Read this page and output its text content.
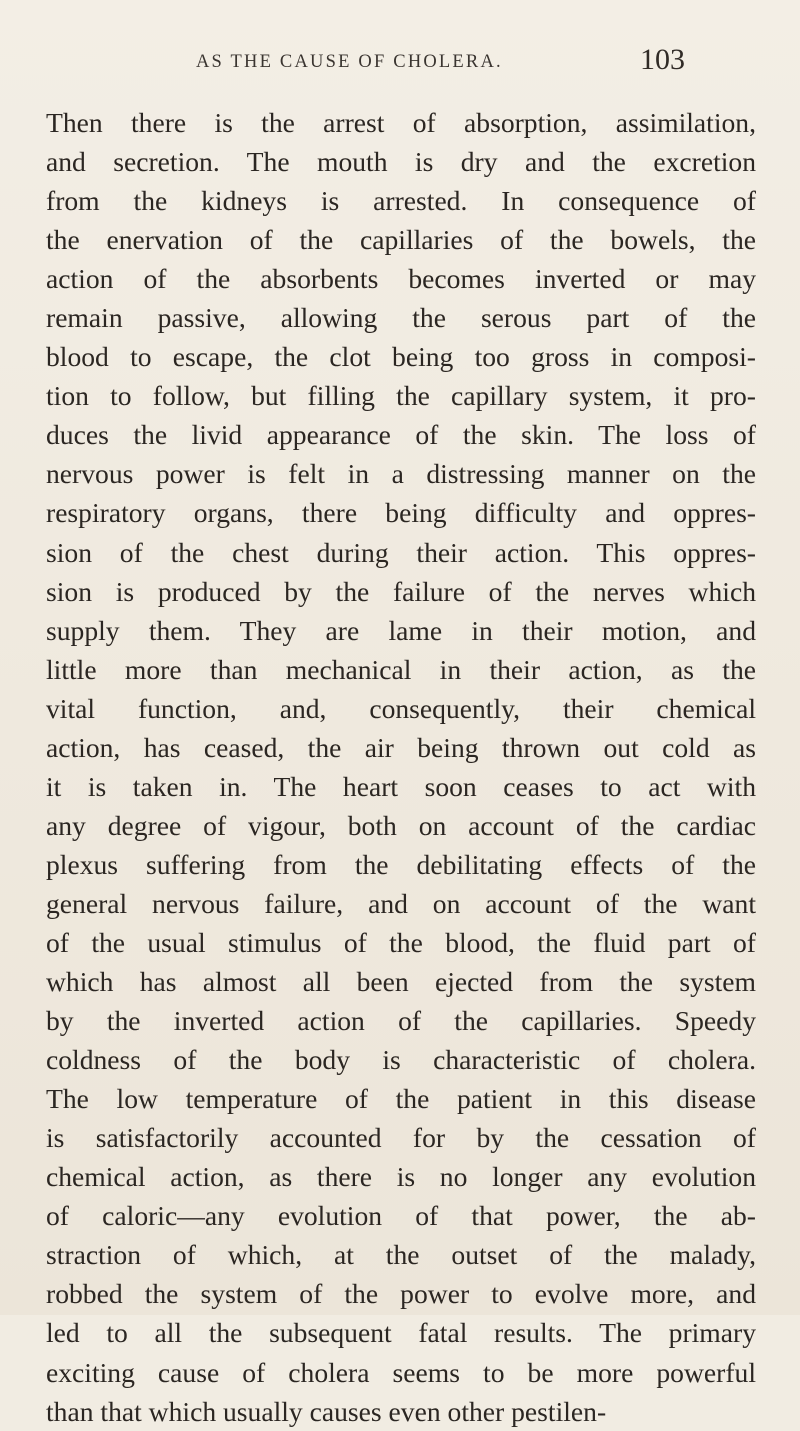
AS THE CAUSE OF CHOLERA.	103
Then there is the arrest of absorption, assimilation,
and secretion. The mouth is dry and the excretion
from the kidneys is arrested. In consequence of
the enervation of the capillaries of the bowels, the
action of the absorbents becomes inverted or may
remain passive, allowing the serous part of the
blood to escape, the clot being too gross in composi-
tion to follow, but filling the capillary system, it pro-
duces the livid appearance of the skin. The loss of
nervous power is felt in a distressing manner on the
respiratory organs, there being difficulty and oppres-
sion of the chest during their action. This oppres-
sion is produced by the failure of the nerves which
supply them. They are lame in their motion, and
little more than mechanical in their action, as the
vital function, and, consequently, their chemical
action, has ceased, the air being thrown out cold as
it is taken in. The heart soon ceases to act with
any degree of vigour, both on account of the cardiac
plexus suffering from the debilitating effects of the
general nervous failure, and on account of the want
of the usual stimulus of the blood, the fluid part of
which has almost all been ejected from the system
by the inverted action of the capillaries. Speedy
coldness of the body is characteristic of cholera.
The low temperature of the patient in this disease
is satisfactorily accounted for by the cessation of
chemical action, as there is no longer any evolution
of caloric—any evolution of that power, the ab-
straction of which, at the outset of the malady,
robbed the system of the power to evolve more, and
led to all the subsequent fatal results. The primary
exciting cause of cholera seems to be more powerful
than that which usually causes even other pestilen-
